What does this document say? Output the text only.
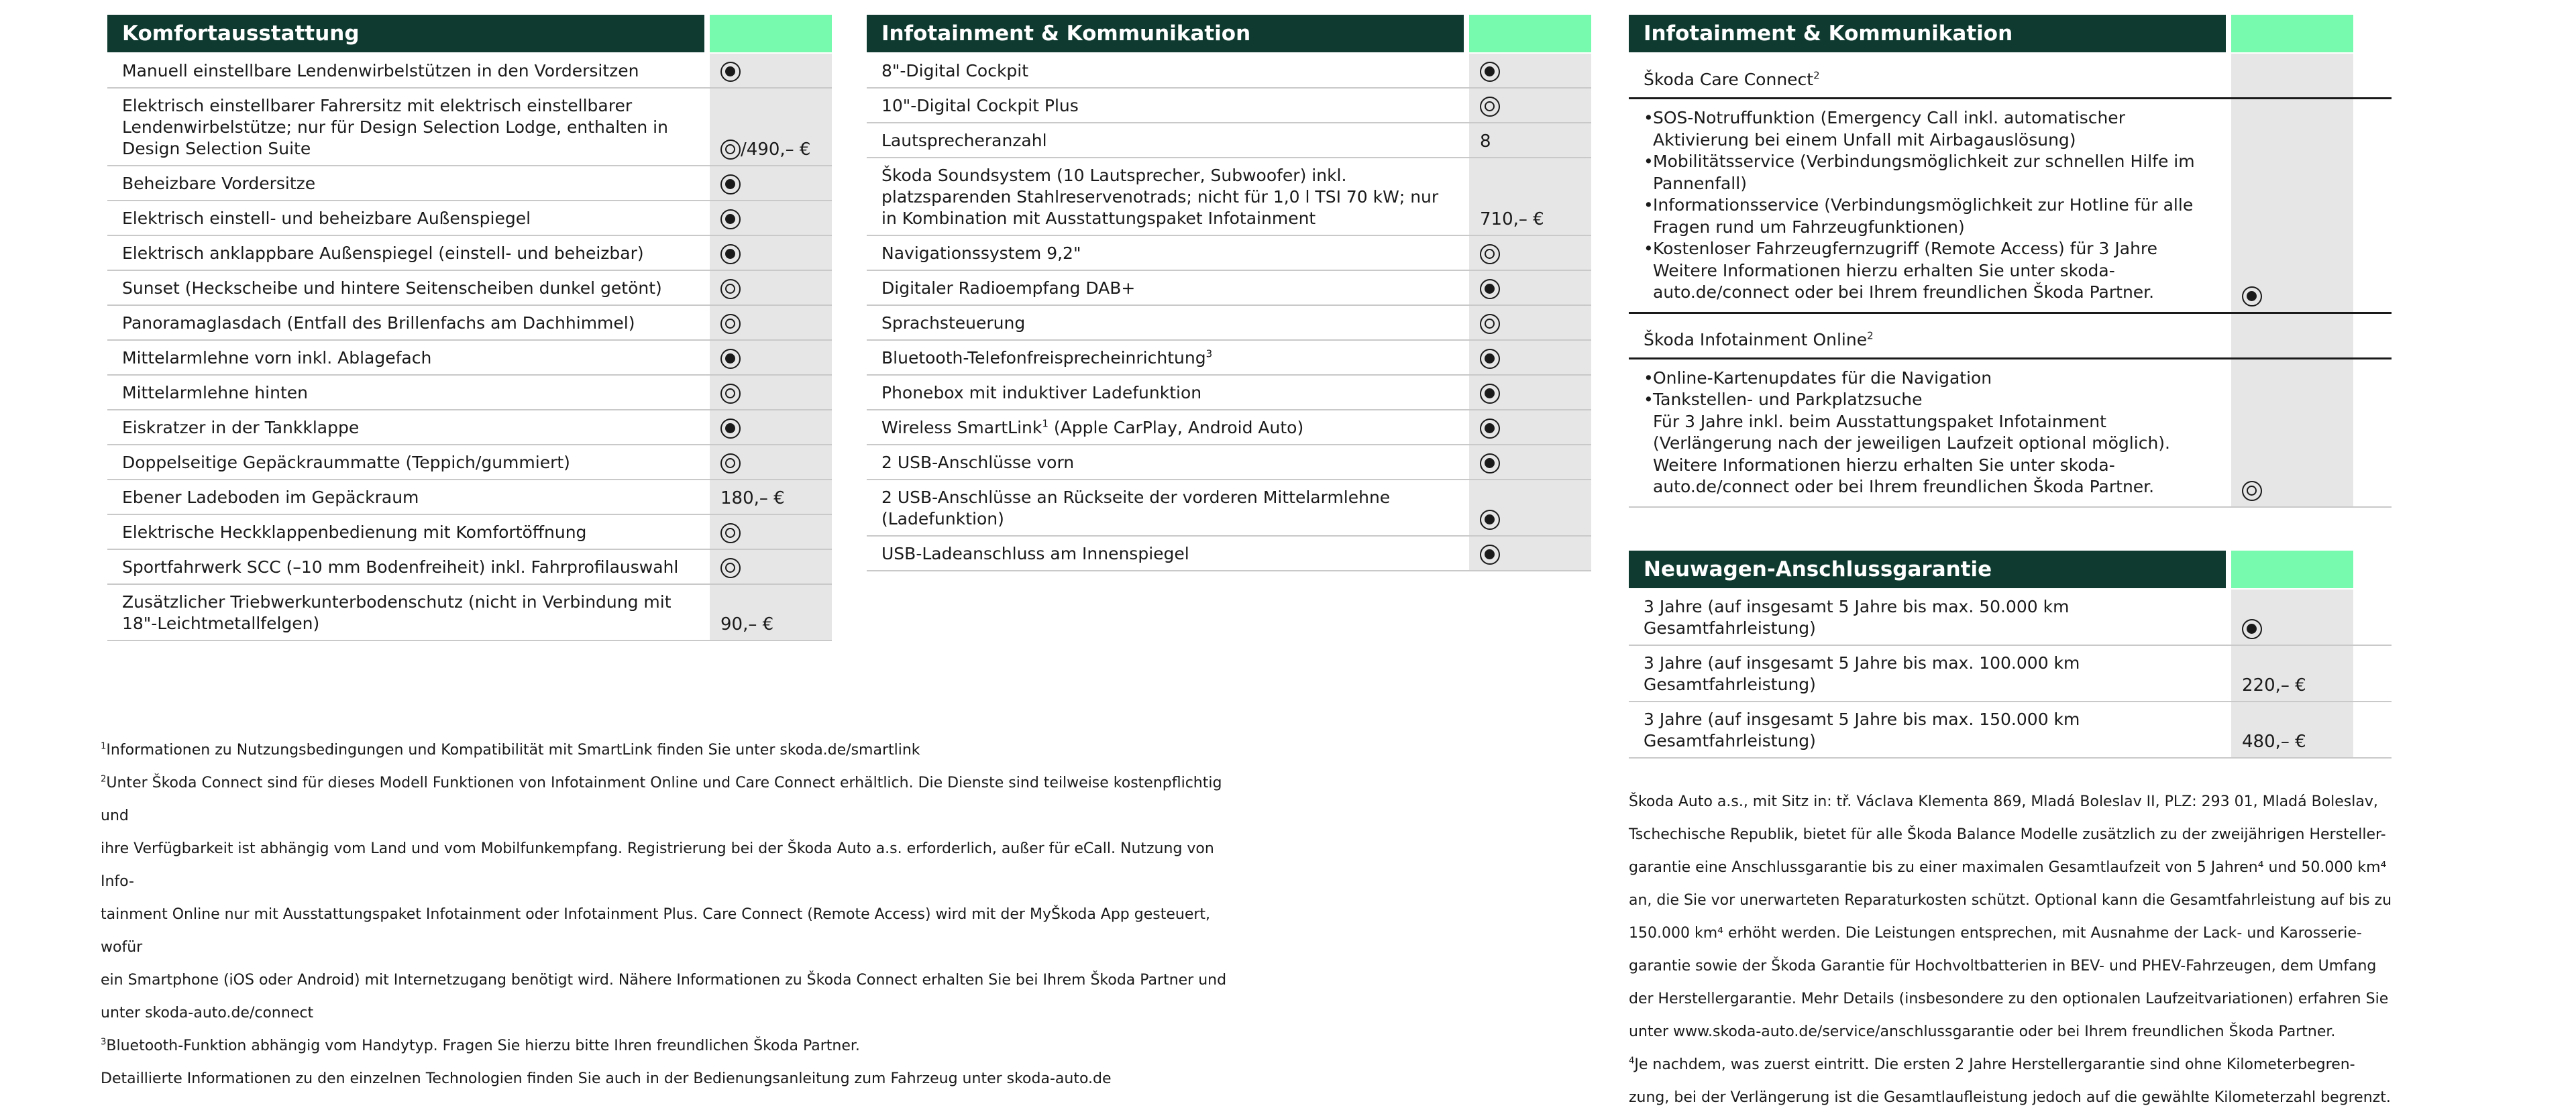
Komfortausstattung
Manuell einstellbare Lendenwirbelstützen in den Vordersitzen
Elektrisch einstellbarer Fahrersitz mit elektrisch einstellbarer Lendenwirbelstütze; nur für Design Selection Lodge, enthalten in Design Selection Suite	/490,– €
Beheizbare Vordersitze
Elektrisch einstell- und beheizbare Außenspiegel
Elektrisch anklappbare Außenspiegel (einstell- und beheizbar)
Sunset (Heckscheibe und hintere Seitenscheiben dunkel getönt)
Panoramaglasdach (Entfall des Brillenfachs am Dachhimmel)
Mittelarmlehne vorn inkl. Ablagefach
Mittelarmlehne hinten
Eiskratzer in der Tankklappe
Doppelseitige Gepäckraummatte (Teppich/gummiert)
Ebener Ladeboden im Gepäckraum	180,– €
Elektrische Heckklappenbedienung mit Komfortöffnung
Sportfahrwerk SCC (–10 mm Bodenfreiheit) inkl. Fahrprofilauswahl
Zusätzlicher Triebwerkunterbodenschutz (nicht in Verbindung mit 18"-Leichtmetallfelgen)	90,– €
Infotainment & Kommunikation
8"-Digital Cockpit
10"-Digital Cockpit Plus
Lautsprecheranzahl	8
Škoda Soundsystem (10 Lautsprecher, Subwoofer) inkl. platzsparenden Stahlreservenotrads; nicht für 1,0 l TSI 70 kW; nur in Kombination mit Ausstattungspaket Infotainment	710,– €
Navigationssystem 9,2"
Digitaler Radioempfang DAB+
Sprachsteuerung
Bluetooth-Telefonfreisprecheinrichtung$^3$
Phonebox mit induktiver Ladefunktion
Wireless SmartLink$^1$ (Apple CarPlay, Android Auto)
2 USB-Anschlüsse vorn
2 USB-Anschlüsse an Rückseite der vorderen Mittelarmlehne (Ladefunktion)
USB-Ladeanschluss am Innenspiegel
Infotainment & Kommunikation
Škoda Care Connect$^2$
• SOS-Notruffunktion (Emergency Call inkl. automatischer Aktivierung bei einem Unfall mit Airbagauslösung)
• Mobilitätsservice (Verbindungsmöglichkeit zur schnellen Hilfe im Pannenfall)
• Informationsservice (Verbindungsmöglichkeit zur Hotline für alle Fragen rund um Fahrzeugfunktionen)
• Kostenloser Fahrzeugfernzugriff (Remote Access) für 3 Jahre
Weitere Informationen hierzu erhalten Sie unter skoda-auto.de/connect oder bei Ihrem freundlichen Škoda Partner.
Škoda Infotainment Online$^2$
• Online-Kartenupdates für die Navigation
• Tankstellen- und Parkplatzsuche
Für 3 Jahre inkl. beim Ausstattungspaket Infotainment (Verlängerung nach der jeweiligen Laufzeit optional möglich).
Weitere Informationen hierzu erhalten Sie unter skoda-auto.de/connect oder bei Ihrem freundlichen Škoda Partner.
Neuwagen-Anschlussgarantie
3 Jahre (auf insgesamt 5 Jahre bis max. 50.000 km Gesamtfahrleistung)
3 Jahre (auf insgesamt 5 Jahre bis max. 100.000 km Gesamtfahrleistung)	220,– €
3 Jahre (auf insgesamt 5 Jahre bis max. 150.000 km Gesamtfahrleistung)	480,– €

Škoda Auto a.s., mit Sitz in: tř. Václava Klementa 869, Mladá Boleslav II, PLZ: 293 01, Mladá Boleslav,

Tschechische Republik, bietet für alle Škoda Balance Modelle zusätzlich zu der zweijährigen Hersteller-

garantie eine Anschlussgarantie bis zu einer maximalen Gesamtlaufzeit von 5 Jahren⁴ und 50.000 km⁴

an, die Sie vor unerwarteten Reparaturkosten schützt. Optional kann die Gesamtfahrleistung auf bis zu

150.000 km⁴ erhöht werden. Die Leistungen entsprechen, mit Ausnahme der Lack- und Karosserie-

garantie sowie der Škoda Garantie für Hochvoltbatterien in BEV- und PHEV-Fahrzeugen, dem Umfang

der Herstellergarantie. Mehr Details (insbesondere zu den optionalen Laufzeitvariationen) erfahren Sie

unter www.skoda-auto.de/service/anschlussgarantie oder bei Ihrem freundlichen Škoda Partner.

$^4$Je nachdem, was zuerst eintritt. Die ersten 2 Jahre Herstellergarantie sind ohne Kilometerbegren-

zung, bei der Verlängerung ist die Gesamtlaufleistung jedoch auf die gewählte Kilometerzahl begrenzt.

$^1$Informationen zu Nutzungsbedingungen und Kompatibilität mit SmartLink finden Sie unter skoda.de/smartlink

$^2$Unter Škoda Connect sind für dieses Modell Funktionen von Infotainment Online und Care Connect erhältlich. Die Dienste sind teilweise kostenpflichtig und

ihre Verfügbarkeit ist abhängig vom Land und vom Mobilfunkempfang. Registrierung bei der Škoda Auto a.s. erforderlich, außer für eCall. Nutzung von Info-

tainment Online nur mit Ausstattungspaket Infotainment oder Infotainment Plus. Care Connect (Remote Access) wird mit der MyŠkoda App gesteuert, wofür

ein Smartphone (iOS oder Android) mit Internetzugang benötigt wird. Nähere Informationen zu Škoda Connect erhalten Sie bei Ihrem Škoda Partner und

unter skoda-auto.de/connect

$^3$Bluetooth-Funktion abhängig vom Handytyp. Fragen Sie hierzu bitte Ihren freundlichen Škoda Partner.

Detaillierte Informationen zu den einzelnen Technologien finden Sie auch in der Bedienungsanleitung zum Fahrzeug unter skoda-auto.de
